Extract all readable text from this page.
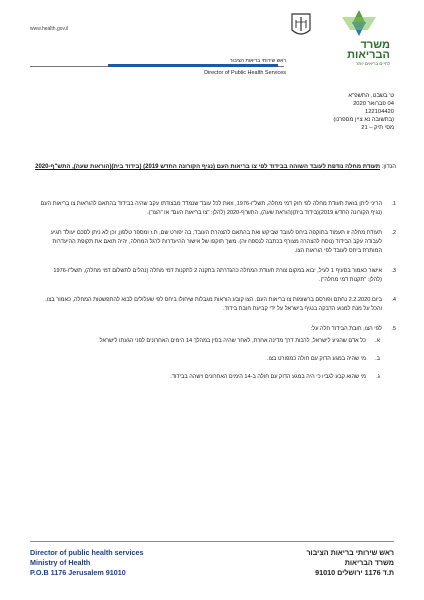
www.health.gov.il
משרד
הבריאות
לחיים בריאים יותר
ראש שירותי בריאות הציבור
Director of Public Health Services
ט' בשבט, התשפ"א
04 פברואר 2020
122104420
(בתשובה נא ציין מספרנו)
מסי תיק – 21
הנדון: תעודת מחלה נודפת לעובד השוהה בבידוד לפי צו בריאות העם (נגיף הקורונה החדש 2019) (בידוד בית)(הוראות שעה), התש"ף-2020
1.
הריני ליתן בזאת תעודת מחלה לפי חוק דמי מחלה, תשל"ו-1976, וזאת לכל עובד שנמדד מבצודתו עקב שהיה בבידוד בהתאם להוראות צו בריאות העם (נגיף הקורונה החדש 2019)(בידוד בית)(הוראת שעה), התש"ף-2020 (להלן: "צו בריאות העם" או "הצו").
2.
תעודת מחלה זו תעמוד בתוקפה ביחס לעובד שביקש ואת בהתאם להצהרת העובד, בה יפורט שם, ת.ז ומספר טלפון, וכן לא ניתן לסכם יעולד תגיע לעבודה עקב הבידוד (נוסח להצהרה מצורף בכתבה לנספח זה). משך תוקפו של אישור ההיעדרות לרגל המחלה, יהיה תואם את תקופת ההיעדרות המותרת ביחס לעובד לפי הוראות הצו.
3.
אישור כאמור בסעיף 1 לעיל, יבוא במקום צורת תעודת המחלה כהגדרתה בתקנה 2 לתקנות דמי מחלה (נהלים לתשלום דמי מחלה), תשל"ו-1976 (להלן: "תקנות דמי מחלה").
4.
ביום 2.2.2020 נחתם ופורסם ברשומות צו בריאות העם. הצו קובע הוראות מגבלות שיחולו ביחס לפי שעלולים לבוא להתפשטות המחלה, כאמור בצו, והכל על מנת למנוע הדבקה בנגיף בישראל על ידי קביעת חובת בידוד.
5.
לפי הצו, חובת הבידוד חלה על:
א.
כל אדם שהגיע לישראל, לרבות דרך מדינה אחרת, לאחר שהיה בסין במהלך 14 הימים האחרונים לפני הגעתו לישראל.
ב.
מי שהיה במגע הדוק עם חולה כמפורט בצו.
ג.
מי שהוא קבע לגביו כי היה במגע הדוק עם חולה ב-14 הימים האחרונים וישהה בבידוד.
Director of public health services
Ministry of Health
P.O.B 1176 Jerusalem 91010
ראש שירותי בריאות הציבור
משרד הבריאות
ת.ד 1176 ירושלים 91010
